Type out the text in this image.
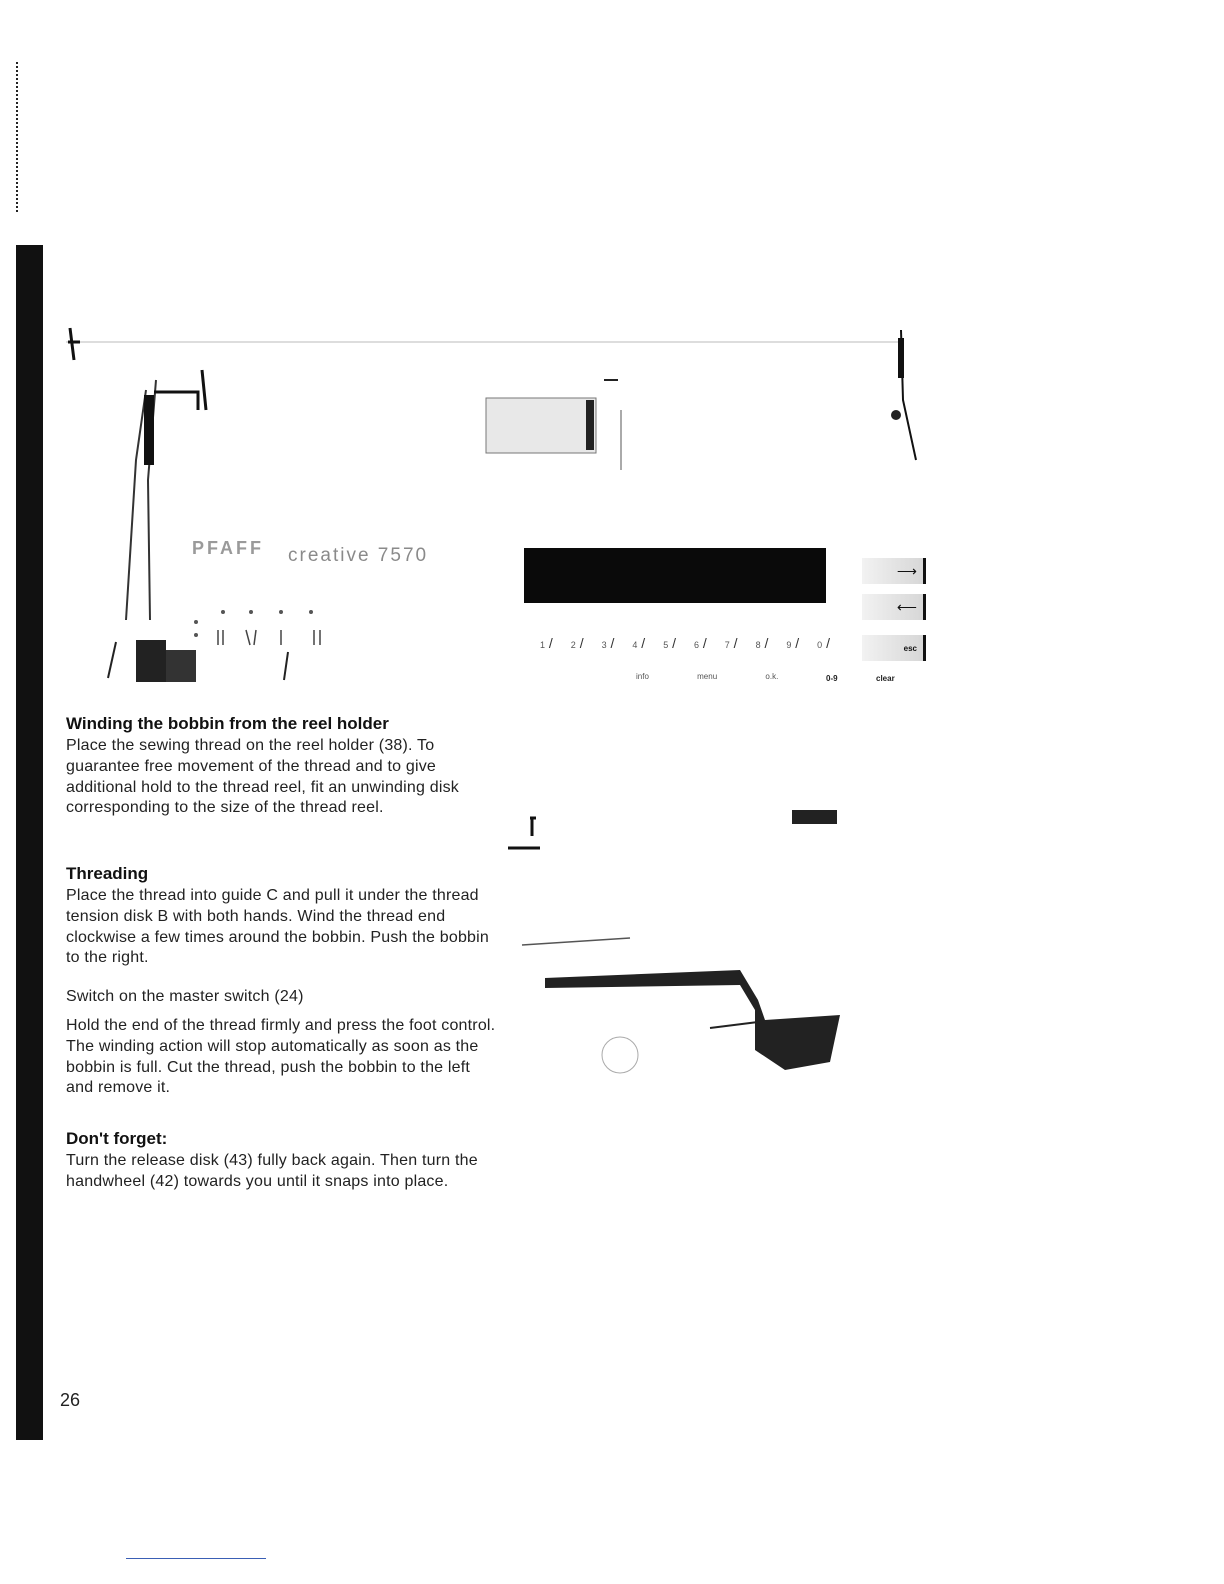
PFAFF creative 7570
1 /	2 /	3 /	4 /	5 /	6 /	7 /	8 /	9 /	0 /
info	menu	o.k.
⟶
⟵
esc
0-9	clear
Winding the bobbin from the reel holder

Place the sewing thread on the reel holder (38). To guarantee free movement of the thread and to give additional hold to the thread reel, fit an unwinding disk corresponding to the size of the thread reel.

Threading

Place the thread into guide C and pull it under the thread tension disk B with both hands. Wind the thread end clockwise a few times around the bobbin. Push the bobbin to the right.

Switch on the master switch (24)

Hold the end of the thread firmly and press the foot control. The winding action will stop automatically as soon as the bobbin is full. Cut the thread, push the bobbin to the left and remove it.

Don't forget:

Turn the release disk (43) fully back again. Then turn the handwheel (42) towards you until it snaps into place.

26
